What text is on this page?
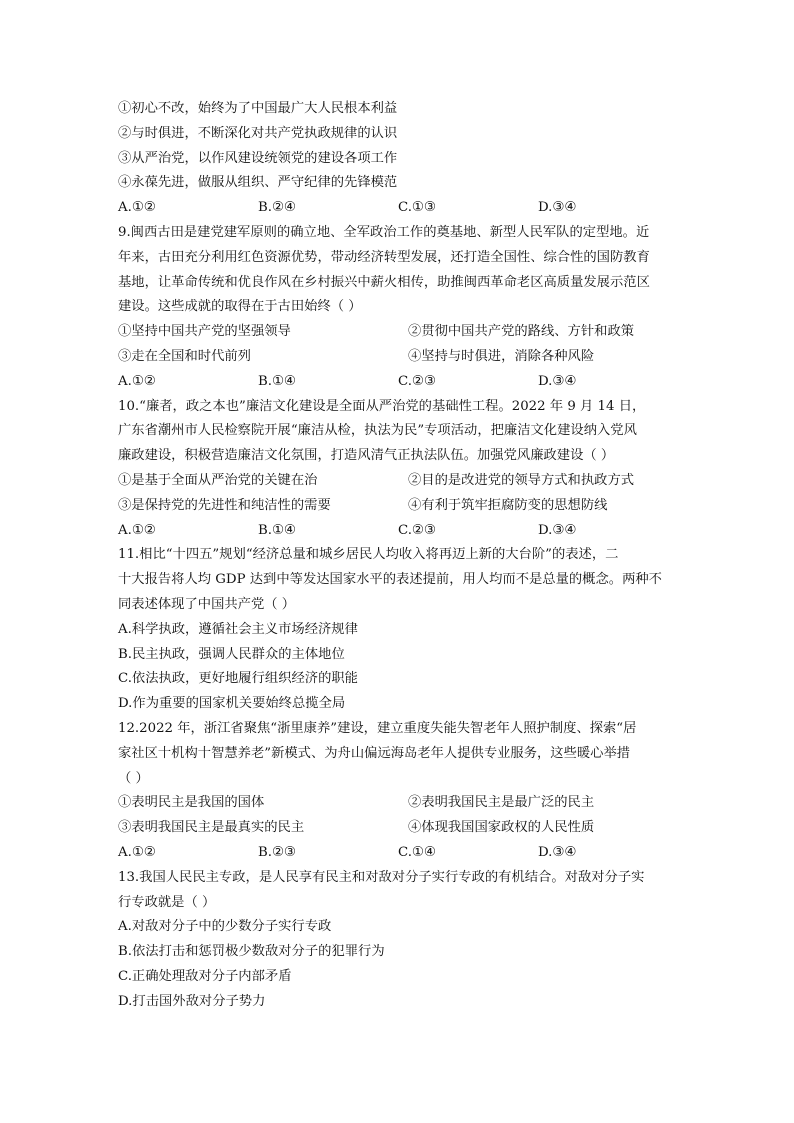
①初心不改，始终为了中国最广大人民根本利益
②与时俱进，不断深化对共产党执政规律的认识
③从严治党，以作风建设统领党的建设各项工作
④永葆先进，做服从组织、严守纪律的先锋模范
A.①②	B.②④	C.①③	D.③④
9.闽西古田是建党建军原则的确立地、全军政治工作的奠基地、新型人民军队的定型地。近
年来，古田充分利用红色资源优势，带动经济转型发展，还打造全国性、综合性的国防教育
基地，让革命传统和优良作风在乡村振兴中薪火相传，助推闽西革命老区高质量发展示范区
建设。这些成就的取得在于古田始终（ ）
①坚持中国共产党的坚强领导	②贯彻中国共产党的路线、方针和政策
③走在全国和时代前列	④坚持与时俱进，消除各种风险
A.①②	B.①④	C.②③	D.③④
10.“廉者，政之本也”廉洁文化建设是全面从严治党的基础性工程。2022 年 9 月 14 日，
广东省潮州市人民检察院开展“廉洁从检，执法为民”专项活动，把廉洁文化建设纳入党风
廉政建设，积极营造廉洁文化氛围，打造风清气正执法队伍。加强党风廉政建设（ ）
①是基于全面从严治党的关键在治	②目的是改进党的领导方式和执政方式
③是保持党的先进性和纯洁性的需要	④有利于筑牢拒腐防变的思想防线
A.①②	B.①④	C.②③	D.③④
11.相比“十四五”规划“经济总量和城乡居民人均收入将再迈上新的大台阶”的表述，二
十大报告将人均 GDP 达到中等发达国家水平的表述提前，用人均而不是总量的概念。两种不
同表述体现了中国共产党（ ）
A.科学执政，遵循社会主义市场经济规律
B.民主执政，强调人民群众的主体地位
C.依法执政，更好地履行组织经济的职能
D.作为重要的国家机关要始终总揽全局
12.2022 年，浙江省聚焦“浙里康养”建设，建立重度失能失智老年人照护制度、探索“居
家社区十机构十智慧养老”新模式、为舟山偏远海岛老年人提供专业服务，这些暖心举措
（ ）
①表明民主是我国的国体	②表明我国民主是最广泛的民主
③表明我国民主是最真实的民主	④体现我国国家政权的人民性质
A.①②	B.②③	C.①④	D.③④
13.我国人民民主专政，是人民享有民主和对敌对分子实行专政的有机结合。对敌对分子实
行专政就是（ ）
A.对敌对分子中的少数分子实行专政
B.依法打击和惩罚极少数敌对分子的犯罪行为
C.正确处理敌对分子内部矛盾
D.打击国外敌对分子势力
